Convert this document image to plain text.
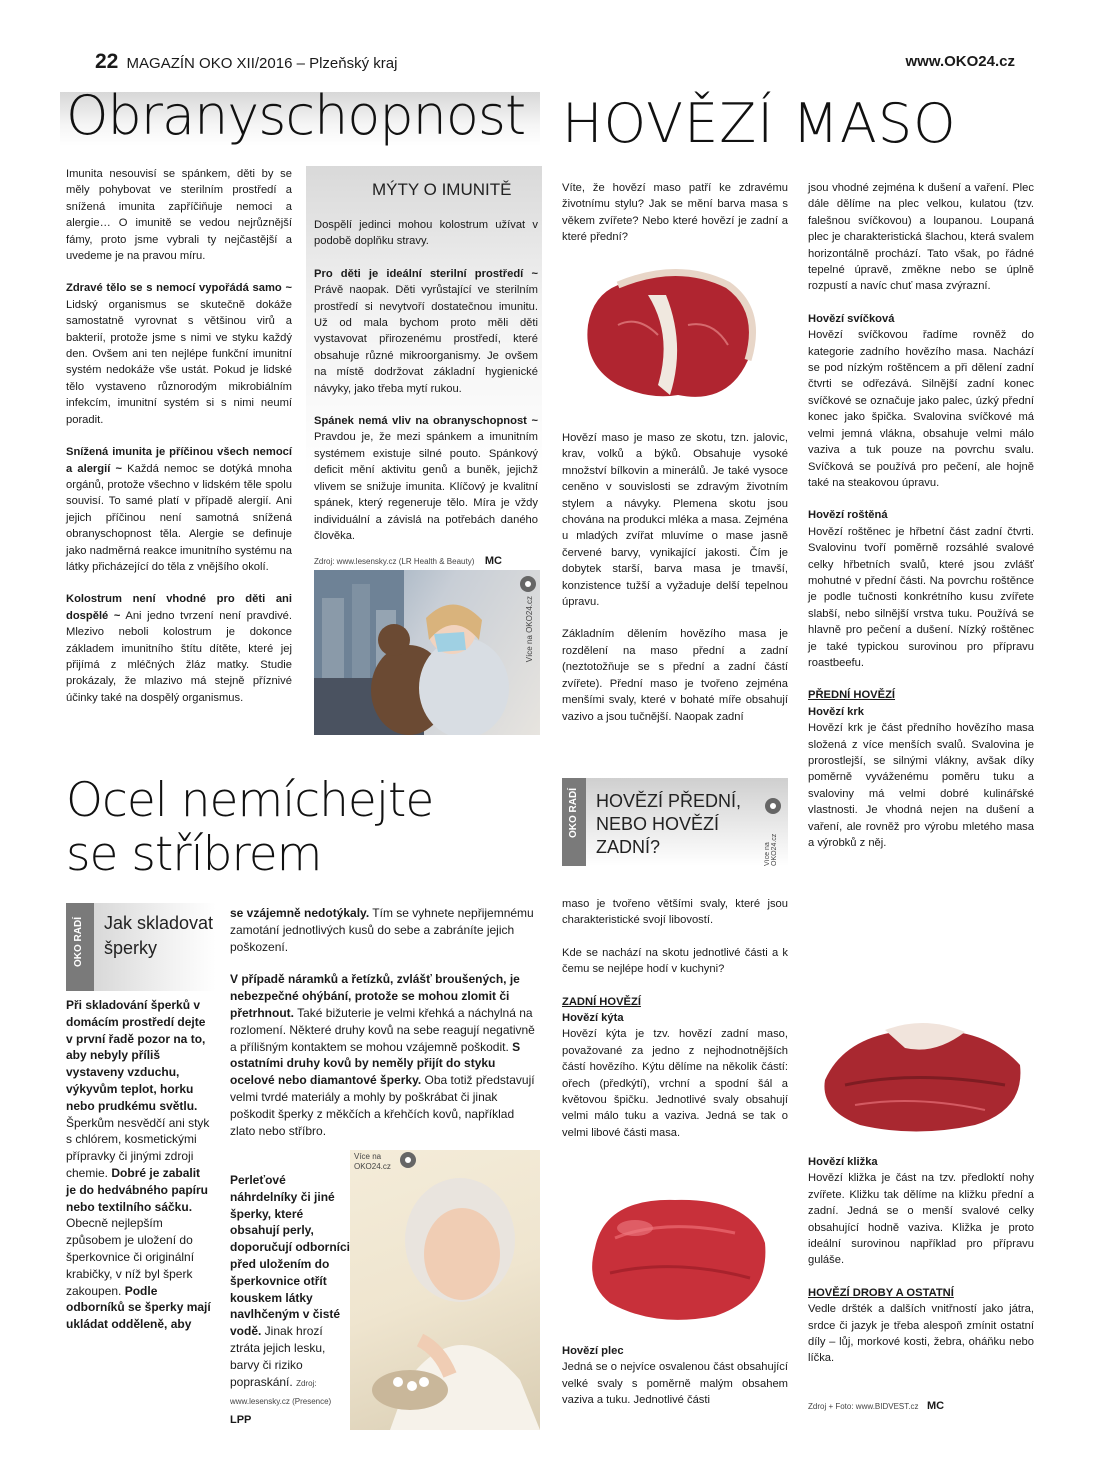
22 MAGAZÍN OKO XII/2016 – Plzeňský kraj	www.OKO24.cz
Obranyschopnost

Imunita nesouvisí se spánkem, děti by se měly pohybovat ve sterilním prostředí a snížená imunita zapříčiňuje nemoci a alergie… O imunitě se vedou nejrůznější fámy, proto jsme vybrali ty nejčastější a uvedeme je na pravou míru.

Zdravé tělo se s nemocí vypořádá samo ~ Lidský organismus se skutečně dokáže samostatně vyrovnat s většinou virů a bakterií, protože jsme s nimi ve styku každý den. Ovšem ani ten nejlépe funkční imunitní systém nedokáže vše ustát. Pokud je lidské tělo vystaveno různorodým mikrobiálním infekcím, imunitní systém si s nimi neumí poradit.

Snížená imunita je příčinou všech nemocí a alergií ~ Každá nemoc se dotýká mnoha orgánů, protože všechno v lidském těle spolu souvisí. To samé platí v případě alergií. Ani jejich příčinou není samotná snížená obranyschopnost těla. Alergie se definuje jako nadměrná reakce imunitního systému na látky přicházející do těla z vnějšího okolí.

Kolostrum není vhodné pro děti ani dospělé ~ Ani jedno tvrzení není pravdivé. Mlezivo neboli kolostrum je dokonce základem imunitního štítu dítěte, které jej přijímá z mléčných žláz matky. Studie prokázaly, že mlazivo má stejně příznivé účinky také na dospělý organismus.

MÝTY O IMUNITĚ

Dospělí jedinci mohou kolostrum užívat v podobě doplňku stravy.

Pro děti je ideální sterilní prostředí ~ Právě naopak. Děti vyrůstající ve sterilním prostředí si nevytvoří dostatečnou imunitu. Už od mala bychom proto měli děti vystavovat přirozenému prostředí, které obsahuje různé mikroorganismy. Je ovšem na místě dodržovat základní hygienické návyky, jako třeba mytí rukou.

Spánek nemá vliv na obranyschopnost ~ Pravdou je, že mezi spánkem a imunitním systémem existuje silné pouto. Spánkový deficit mění aktivitu genů a buněk, jejichž vlivem se snižuje imunita. Klíčový je kvalitní spánek, který regeneruje tělo. Míra je vždy individuální a závislá na potřebách daného člověka.

Zdroj: www.lesensky.cz (LR Health & Beauty) MC
Více na OKO24.cz
Ocel nemíchejte
se stříbrem
OKO RADÍ Jak skladovat šperky
Při skladování šperků v domácím prostředí dejte v první řadě pozor na to, aby nebyly příliš vystaveny vzduchu, výkyvům teplot, horku nebo prudkému světlu. Šperkům nesvědčí ani styk s chlórem, kosmetickými přípravky či jinými zdroji chemie. Dobré je zabalit je do hedvábného papíru nebo textilního sáčku. Obecně nejlepším způsobem je uložení do šperkovnice či originální krabičky, v níž byl šperk zakoupen. Podle odborníků se šperky mají ukládat odděleně, aby

se vzájemně nedotýkaly. Tím se vyhnete nepřijemnému zamotání jednotlivých kusů do sebe a zabráníte jejich poškození.

V případě náramků a řetízků, zvlášť broušených, je nebezpečné ohýbání, protože se mohou zlomit či přetrhnout. Také bižuterie je velmi křehká a náchylná na rozlomení. Některé druhy kovů na sebe reagují negativně a přílišným kontaktem se mohou vzájemně poškodit. S ostatními druhy kovů by neměly přijít do styku ocelové nebo diamantové šperky. Oba totiž představují velmi tvrdé materiály a mohly by poškrábat či jinak poškodit šperky z měkčích a křehčích kovů, například zlato nebo stříbro.

Perleťové náhrdelníky či jiné šperky, které obsahují perly, doporučují odborníci před uložením do šperkovnice otřít kouskem látky navlhčeným v čisté vodě. Jinak hrozí ztráta jejich lesku, barvy či riziko popraskání. Zdroj: www.lesensky.cz (Presence) LPP
Více na OKO24.cz
HOVĚZÍ MASO

Víte, že hovězí maso patří ke zdravému životnímu stylu? Jak se mění barva masa s věkem zvířete? Nebo které hovězí je zadní a které přední?

Hovězí maso je maso ze skotu, tzn. jalovic, krav, volků a býků. Obsahuje vysoké množství bílkovin a minerálů. Je také vysoce ceněno v souvislosti se zdravým životním stylem a návyky. Plemena skotu jsou chována na produkci mléka a masa. Zejména u mladých zvířat mluvíme o mase jasně červené barvy, vynikající jakosti. Čím je dobytek starší, barva masa je tmavší, konzistence tužší a vyžaduje delší tepelnou úpravu.

Základním dělením hovězího masa je rozdělení na maso přední a zadní (neztotožňuje se s přední a zadní částí zvířete). Přední maso je tvořeno zejména menšími svaly, které v bohaté míře obsahují vazivo a jsou tučnější. Naopak zadní

OKO RADÍ HOVĚZÍ PŘEDNÍ, NEBO HOVĚZÍ ZADNÍ?	Více na OKO24.cz

maso je tvořeno většími svaly, které jsou charakteristické svojí libovostí.

Kde se nachází na skotu jednotlivé části a k čemu se nejlépe hodí v kuchyni?

ZADNÍ HOVĚZÍ
Hovězí kýta
Hovězí kýta je tzv. hovězí zadní maso, považované za jedno z nejhodnotnějších částí hovězího. Kýtu dělíme na několik částí: ořech (předkýtí), vrchní a spodní šál a květovou špičku. Jednotlivé svaly obsahují velmi málo tuku a vaziva. Jedná se tak o velmi libové části masa.
Hovězí plec
Jedná se o nejvíce osvalenou část obsahující velké svaly s poměrně malým obsahem vaziva a tuku. Jednotlivé části

jsou vhodné zejména k dušení a vaření. Plec dále dělíme na plec velkou, kulatou (tzv. falešnou svíčkovou) a loupanou. Loupaná plec je charakteristická šlachou, která svalem horizontálně prochází. Tato však, po řádné tepelné úpravě, změkne nebo se úplně rozpustí a navíc chuť masa zvýrazní.

Hovězí svíčková
Hovězí svíčkovou řadíme rovněž do kategorie zadního hovězího masa. Nachází se pod nízkým roštěncem a při dělení zadní čtvrti se odřezává. Silnější zadní konec svíčkové se označuje jako palec, úzký přední konec jako špička. Svalovina svíčkové má velmi jemná vlákna, obsahuje velmi málo vaziva a tuk pouze na povrchu svalu. Svíčková se používá pro pečení, ale hojně také na steakovou úpravu.

Hovězí roštěná
Hovězí roštěnec je hřbetní část zadní čtvrti. Svalovinu tvoří poměrně rozsáhlé svalové celky hřbetních svalů, které jsou zvlášť mohutné v přední části. Na povrchu roštěnce je podle tučnosti konkrétního kusu zvířete slabší, nebo silnější vrstva tuku. Používá se hlavně pro pečení a dušení. Nízký roštěnec je také typickou surovinou pro přípravu roastbeefu.

PŘEDNÍ HOVĚZÍ
Hovězí krk
Hovězí krk je část předního hovězího masa složená z více menších svalů. Svalovina je prorostlejší, se silnými vlákny, avšak díky poměrně vyváženému poměru tuku a svaloviny má velmi dobré kulinářské vlastnosti. Je vhodná nejen na dušení a vaření, ale rovněž pro výrobu mletého masa a výrobků z něj.

Hovězí kližka
Hovězí kližka je část na tzv. předloktí nohy zvířete. Kližku tak dělíme na kližku přední a zadní. Jedná se o menší svalové celky obsahující hodně vaziva. Kližka je proto ideální surovinou například pro přípravu guláše.

HOVĚZÍ DROBY A OSTATNÍ
Vedle dršték a dalších vnitřností jako játra, srdce či jazyk je třeba alespoň zmínit ostatní díly – lůj, morkové kosti, žebra, oháňku nebo líčka.
Zdroj + Foto: www.BIDVEST.cz MC
